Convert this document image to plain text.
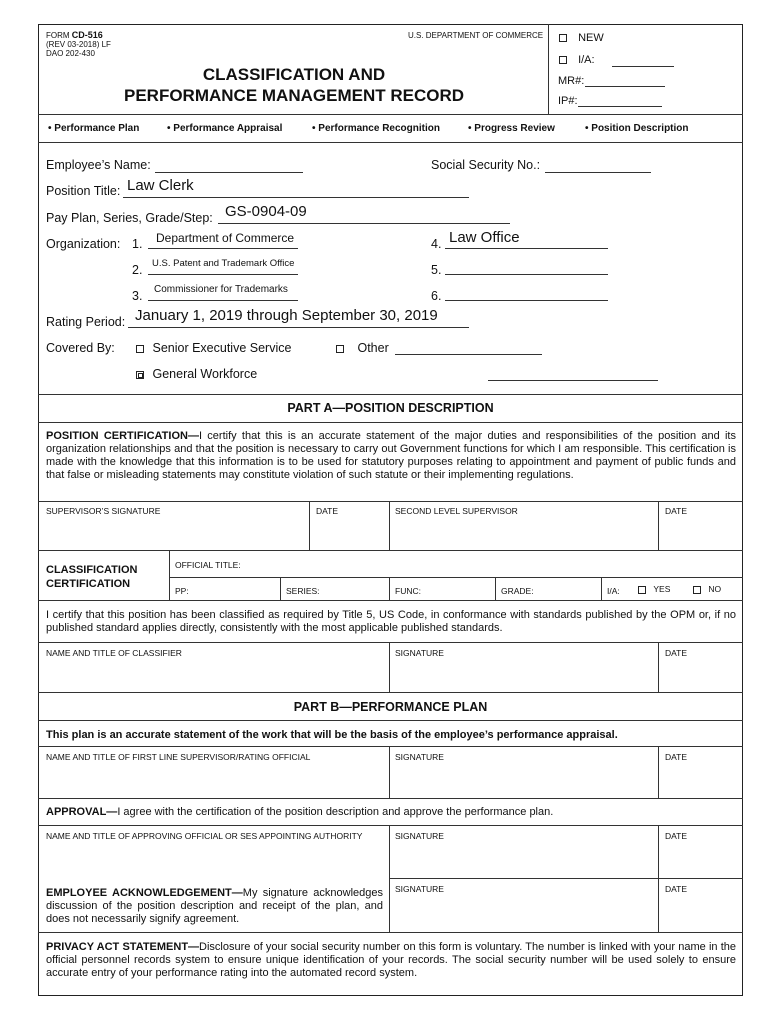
FORM CD-516
(REV 03-2018) LF
DAO 202-430
U.S. DEPARTMENT OF COMMERCE
CLASSIFICATION AND
PERFORMANCE MANAGEMENT RECORD
NEW
I/A:
MR#:
IP#:
• Performance Plan	• Performance Appraisal	• Performance Recognition	• Progress Review	• Position Description
Employee’s Name:	Social Security No.:
Position Title: Law Clerk
Pay Plan, Series, Grade/Step: GS-0904-09
Organization: 1. Department of Commerce
2. U.S. Patent and Trademark Office
3. Commissioner for Trademarks
4. Law Office
5.
6.
Rating Period: January 1, 2019 through September 30, 2019
Covered By:	Senior Executive Service	Other
General Workforce
PART A—POSITION DESCRIPTION
POSITION CERTIFICATION—I certify that this is an accurate statement of the major duties and responsibilities of the position and its organization relationships and that the position is necessary to carry out Government functions for which I am responsible. This certification is made with the knowledge that this information is to be used for statutory purposes relating to appointment and payment of public funds and that false or misleading statements may constitute violation of such statute or their implementing regulations.
SUPERVISOR’S SIGNATURE	DATE	SECOND LEVEL SUPERVISOR	DATE
CLASSIFICATION
CERTIFICATION
OFFICIAL TITLE:
PP:	SERIES:	FUNC:	GRADE:	I/A:	YES	NO
I certify that this position has been classified as required by Title 5, US Code, in conformance with standards published by the OPM or, if no published standard applies directly, consistently with the most applicable published standards.
NAME AND TITLE OF CLASSIFIER	SIGNATURE	DATE
PART B—PERFORMANCE PLAN
This plan is an accurate statement of the work that will be the basis of the employee’s performance appraisal.
NAME AND TITLE OF FIRST LINE SUPERVISOR/RATING OFFICIAL	SIGNATURE	DATE
APPROVAL—I agree with the certification of the position description and approve the performance plan.
NAME AND TITLE OF APPROVING OFFICIAL OR SES APPOINTING AUTHORITY	SIGNATURE	DATE
EMPLOYEE ACKNOWLEDGEMENT—My signature acknowledges discussion of the position description and receipt of the plan, and does not necessarily signify agreement.
SIGNATURE	DATE
PRIVACY ACT STATEMENT—Disclosure of your social security number on this form is voluntary. The number is linked with your name in the official personnel records system to ensure unique identification of your records. The social security number will be used solely to ensure accurate entry of your performance rating into the automated record system.
